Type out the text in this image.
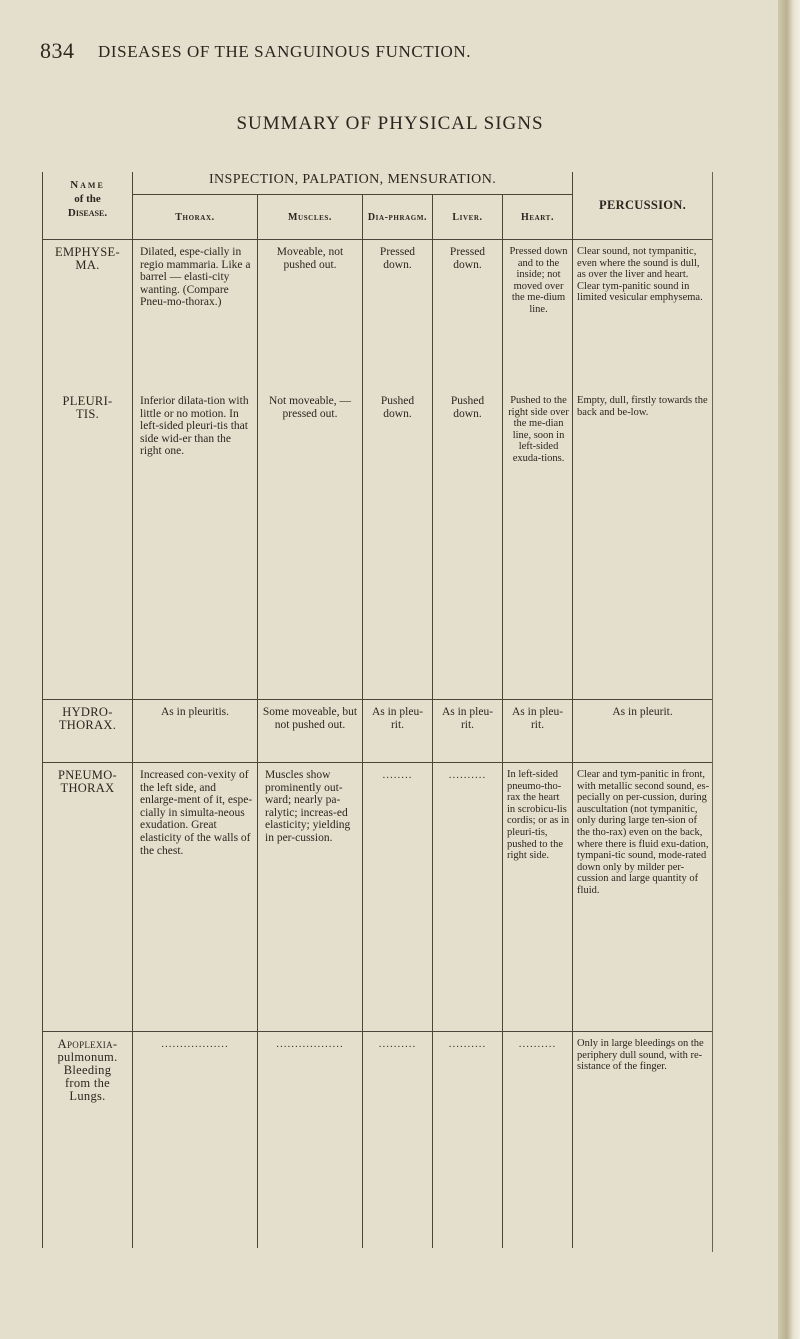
834 DISEASES OF THE SANGUINOUS FUNCTION.
SUMMARY OF PHYSICAL SIGNS
Name
of the
Disease.	INSPECTION, PALPATION, MENSURATION.					PERCUSSION.
	Thorax.	Muscles.	Dia-phragm.	Liver.	Heart.	

EMPHYSE-
MA.	Dilated, espe-cially in regio mammaria. Like a barrel — elasti-city wanting. (Compare Pneu-mo-thorax.)	Moveable, not pushed out.	Pressed down.	Pressed down.	Pressed down and to the inside; not moved over the me-dium line.	Clear sound, not tympanitic, even where the sound is dull, as over the liver and heart. Clear tym-panitic sound in limited vesicular emphysema.

PLEURI-
TIS.	Inferior dilata-tion with little or no motion. In left-sided pleuri-tis that side wid-er than the right one.	Not moveable, —pressed out.	Pushed down.	Pushed down.	Pushed to the right side over the me-dian line, soon in left-sided exuda-tions.	Empty, dull, firstly towards the back and be-low.

HYDRO-
THORAX.	As in pleuritis.	Some moveable, but not pushed out.	As in pleu-rit.	As in pleu-rit.	As in pleu-rit.	As in pleurit.

PNEUMO-
THORAX	Increased con-vexity of the left side, and enlarge-ment of it, espe-cially in simulta-neous exudation. Great elasticity of the walls of the chest.	Muscles show prominently out-ward; nearly pa-ralytic; increas-ed elasticity; yielding in per-cussion.	........	..........	In left-sided pneumo-tho-rax the heart in scrobicu-lis cordis; or as in pleuri-tis, pushed to the right side.	Clear and tym-panitic in front, with metallic second sound, es-pecially on per-cussion, during auscultation (not tympanitic, only during large ten-sion of the tho-rax) even on the back, where there is fluid exu-dation, tympani-tic sound, mode-rated down only by milder per-cussion and large quantity of fluid.

Apoplexia-
pulmonum.
Bleeding
from the
Lungs.	..................	..................	..........	..........	..........	Only in large bleedings on the periphery dull sound, with re-sistance of the finger.
